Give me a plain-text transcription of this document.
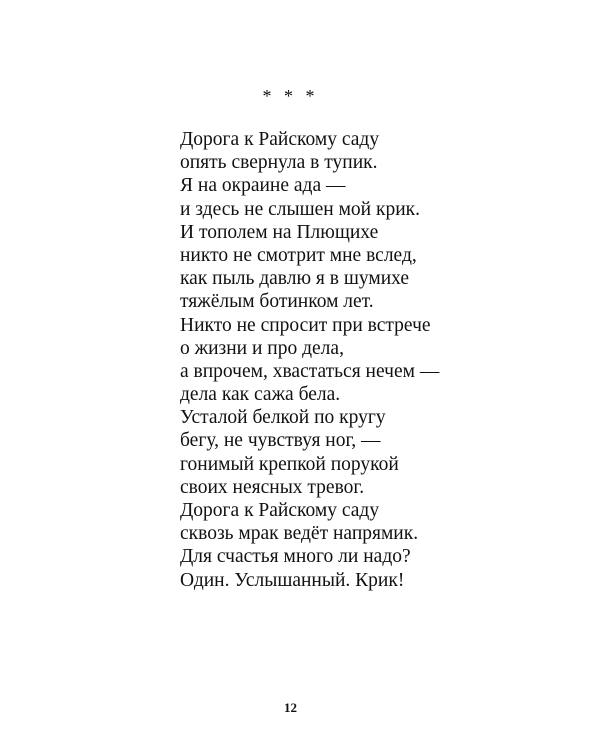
* * *
Дорога к Райскому саду
опять свернула в тупик.
Я на окраине ада —
и здесь не слышен мой крик.
И тополем на Плющихе
никто не смотрит мне вслед,
как пыль давлю я в шумихе
тяжёлым ботинком лет.
Никто не спросит при встрече
о жизни и про дела,
а впрочем, хвастаться нечем —
дела как сажа бела.
Усталой белкой по кругу
бегу, не чувствуя ног, —
гонимый крепкой порукой
своих неясных тревог.
Дорога к Райскому саду
сквозь мрак ведёт напрямик.
Для счастья много ли надо?
Один. Услышанный. Крик!
12
